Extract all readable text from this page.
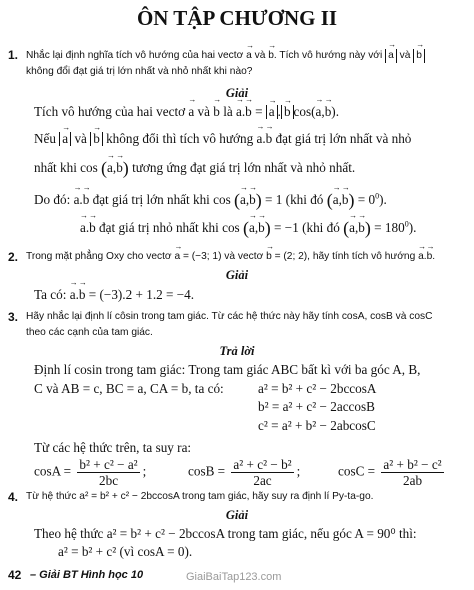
ÔN TẬP CHƯƠNG II
1. Nhắc lại định nghĩa tích vô hướng của hai vectơ → a và → b. Tích vô hướng này với → a và → b
không đổi đạt giá trị lớn nhất và nhỏ nhất khi nào?
Giải
Tích vô hướng của hai vectơ → a và → b là → a.→ b = → a . → b cos(→ a,→ b).
Nếu → a và → b không đổi thì tích vô hướng → a.→ b đạt giá trị lớn nhất và nhỏ
nhất khi cos (→ a,→ b) tương ứng đạt giá trị lớn nhất và nhỏ nhất.
Do đó: → a.→ b đạt giá trị lớn nhất khi cos (→ a,→ b) = 1 (khi đó (→ $a,\to b) = 0^0$).
→ a.→ b đạt giá trị nhỏ nhất khi cos (→ a,→ b) = −1 (khi đó (→ $a,\to b) = 180^0$).
2. Trong mặt phẳng Oxy cho vectơ → a = (−3; 1) và vectơ → b = (2; 2), hãy tính tích vô hướng → a.→ b.
Giải
Ta có: → a.→ b = (−3).2 + 1.2 = −4.
3. Hãy nhắc lại định lí côsin trong tam giác. Từ các hệ thức này hãy tính cosA, cosB và cosC
theo các cạnh của tam giác.
Trả lời
Định lí cosin trong tam giác: Trong tam giác ABC bất kì với ba góc A, B,
C và AB = c, BC = a, CA = b, ta có:	a² = b² + c² − 2bccosA
b² = a² + c² − 2accosB
c² = a² + b² − 2abcosC
Từ các hệ thức trên, ta suy ra:
$\cos A = \frac{\text{b² + c² − a²}}{2bc}$ ;	$\cos B = \frac{\text{a² + c² − b²}}{2ac}$ ;	$\cos C = \frac{\text{a² + b² − c²}}{2ab}$
4. Từ hệ thức a² = b² + c² − 2bccosA trong tam giác, hãy suy ra định lí Py-ta-go.
Giải
Theo hệ thức a² = b² + c² − 2bccosA trong tam giác, nếu góc A = 90⁰ thì:
a² = b² + c² (vì cosA = 0).
42 – Giải BT Hình học 10	GiaiBaiTap123.com
